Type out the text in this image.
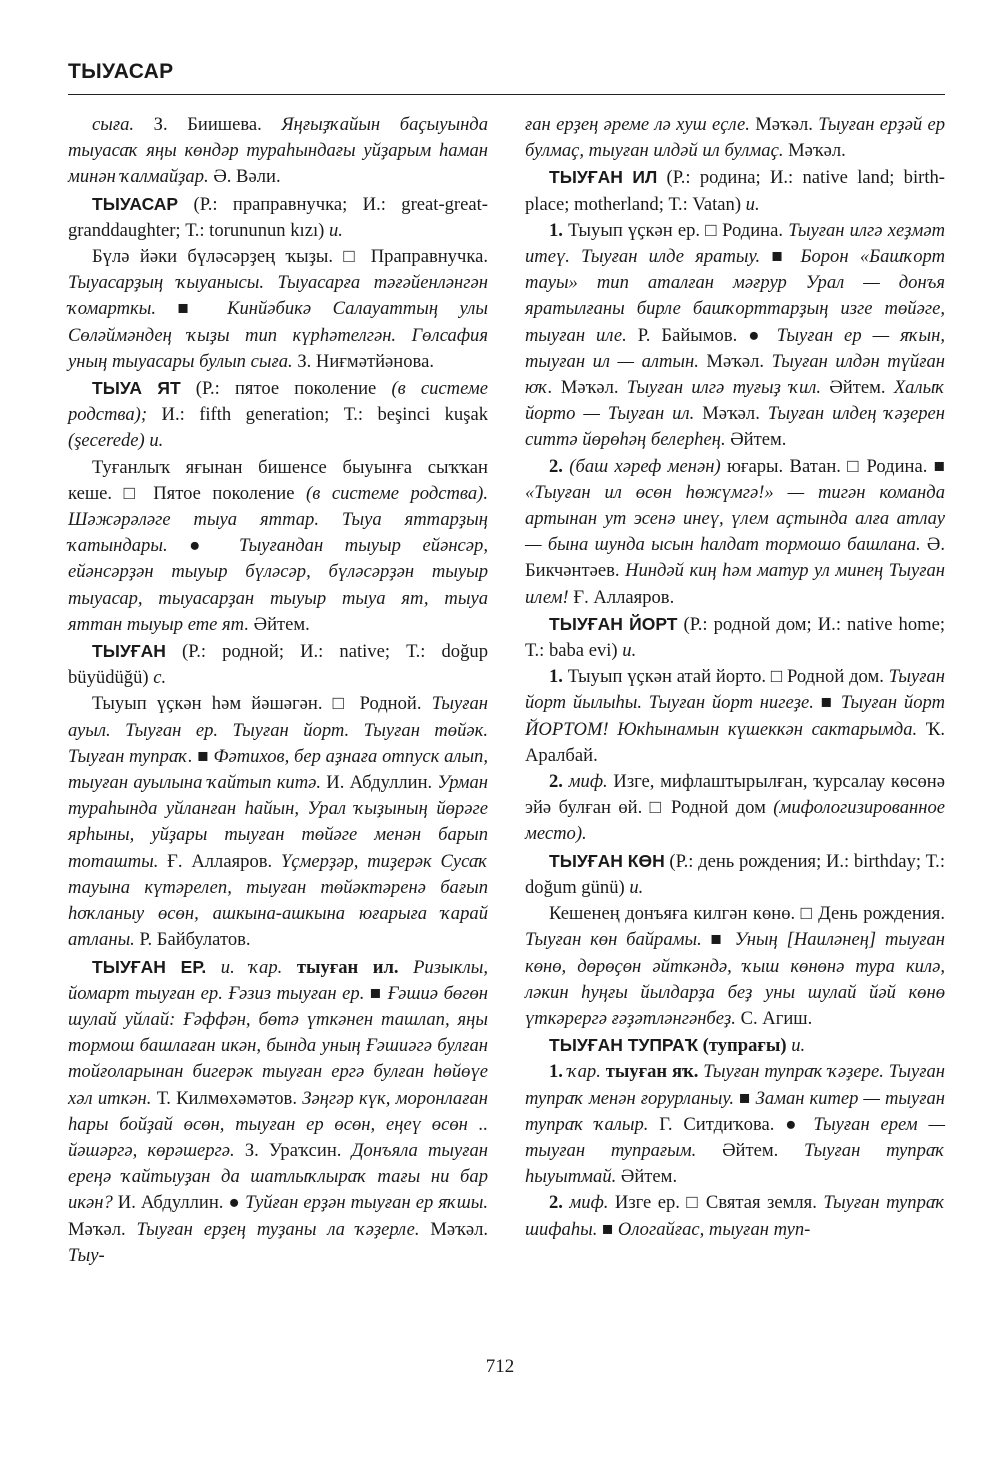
ТЫУАСАР

сыға. З. Биишева. Яңғыҙҡайын баҫыуында тыуасаҡ яңы көндәр тураһындағы уйҙарым һаман минән ҡалмайҙар. Ә. Вәли.

ТЫУАСАР (Р.: праправнучка; И.: great-great-granddaughter; Т.: torununun kızı) и.

Бүлә йәки бүләсәрҙең ҡыҙы. □ Праправнучка. Тыуасарҙың ҡыуанысы. Тыуасарға тәғәйенләнгән ҡомарткы. ■ Кинйәбикә Салауаттың улы Сөләймәндең ҡыҙы тип күрһәтелгән. Гөлсафия уның тыуасары булып сыға. З. Ниғмәтйәнова.

ТЫУА ЯТ (Р.: пятое поколение (в системе родства); И.: fifth generation; Т.: beşinci kuşak (şecerede) и.

Туғанлыҡ яғынан бишенсе быуынға сыҡҡан кеше. □ Пятое поколение (в системе родства). Шәжәрәләге тыуа яттар. Тыуа яттарҙың ҡатындары. ● Тыуғандан тыуыр ейәнсәр, ейәнсәрҙән тыуыр бүләсәр, бүләсәрҙән тыуыр тыуасар, тыуасарҙан тыуыр тыуа ят, тыуа яттан тыуыр ете ят. Әйтем.

ТЫУҒАН (Р.: родной; И.: native; Т.: doğup büyüdüğü) с.

Тыуып үҫкән һәм йәшәгән. □ Родной. Тыуған ауыл. Тыуған ер. Тыуған йорт. Тыуған төйәк. Тыуған тупраҡ. ■ Фәтихов, бер аҙнаға отпуск алып, тыуған ауылына ҡайтып китә. И. Абдуллин. Урман тураһында уйланған һайын, Урал ҡыҙының йөрәге ярһыны, уйҙары тыуған төйәге менән барып тоташты. Ғ. Аллаяров. Үҫмерҙәр, тиҙерәк Сусаҡ тауына күтәрелеп, тыуған төйәктәренә бағып һоҡланыу өсөн, ашкына-ашкына юғарыға ҡарай атланы. Р. Байбулатов.

ТЫУҒАН ЕР. и. ҡар. тыуған ил. Ризыклы, йомарт тыуған ер. Ғәзиз тыуған ер. ■ Ғәшиә бөгөн шулай уйлай: Ғәффән, бөтә үткәнен ташлап, яңы тормош башлаған икән, бында уның Ғәшиәгә булған тойғоларынан бигерәк тыуған ергә булған һөйөүе хәл иткән. Т. Килмөхәмәтов. Зәңгәр күк, моронлаған һары бойҙай өсөн, тыуған ер өсөн, еңеү өсөн .. йәшәргә, көрәшергә. З. Ураҡсин. Донъяла тыуған ереңә ҡайтыуҙан да шатлыҡлыраҡ тағы ни бар икән? И. Абдуллин. ● Туйған ерҙән тыуған ер яҡшы. Мәҡәл. Тыуған ерҙең туҙаны ла ҡәҙерле. Мәҡәл. Тыу-

ған ерҙең әреме лә хуш еҫле. Мәҡәл. Тыуған ерҙәй ер булмаҫ, тыуған илдәй ил булмаҫ. Мәҡәл.

ТЫУҒАН ИЛ (Р.: родина; И.: native land; birth-place; motherland; Т.: Vatan) и.

1. Тыуып үҫкән ер. □ Родина. Тыуған илгә хеҙмәт итеү. Тыуған илде яратыу. ■ Борон «Башҡорт тауы» тип аталған мәғрур Урал — донъя яратылғаны бирле башҡорттарҙың изге төйәге, тыуған иле. Р. Байымов. ● Тыуған ер — яҡын, тыуған ил — алтын. Мәҡәл. Тыуған илдән түйған юҡ. Мәҡәл. Тыуған илгә туғыҙ ҡил. Әйтем. Халыҡ йорто — Тыуған ил. Мәҡәл. Тыуған илдең ҡәҙерен ситтә йөрөһәң белерһең. Әйтем.

2. (баш хәреф менән) юғары. Ватан. □ Родина. ■ «Тыуған ил өсөн һөжүмгә!» — тигән команда артынан ут эсенә инеү, үлем аҫтында алға атлау — бына шунда ысын һалдат тормошо башлана. Ә. Бикчәнтәев. Ниндәй киң һәм матур ул минең Тыуған илем! Ғ. Аллаяров.

ТЫУҒАН ЙОРТ (Р.: родной дом; И.: native home; Т.: baba evi) и.

1. Тыуып үҫкән атай йорто. □ Родной дом. Тыуған йорт йылыһы. Тыуған йорт нигеҙе. ■ Тыуған йорт ЙОРТОМ! Юкһынамын күшеккән сактарымда. Ҡ. Аралбай.

2. миф. Изге, мифлаштырылған, ҡурсалау көсөнә эйә булған өй. □ Родной дом (мифологизированное место).

ТЫУҒАН КӨН (Р.: день рождения; И.: birthday; Т.: doğum günü) и.

Кешенең донъяға килгән көнө. □ День рождения. Тыуған көн байрамы. ■ Уның [Наиләнең] тыуған көнө, дөрөҫөн әйткәндә, ҡыш көнөнә тура килә, ләкин һуңғы йылдарҙа беҙ уны шулай йәй көнө үткәрергә ғәҙәтләнгәнбеҙ. С. Агиш.

ТЫУҒАН ТУПРАҠ (тупрағы) и.

1. ҡар. тыуған яҡ. Тыуған тупраҡ ҡәҙере. Тыуған тупраҡ менән ғорурланыу. ■ Заман китер — тыуған тупраҡ ҡалыр. Г. Ситдиҡова. ● Тыуған ерем — тыуған тупрағым. Әйтем. Тыуған тупраҡ һыуытмай. Әйтем.

2. миф. Изге ер. □ Святая земля. Тыуған тупраҡ шифаһы. ■ Ологайғас, тыуған туп-

712
